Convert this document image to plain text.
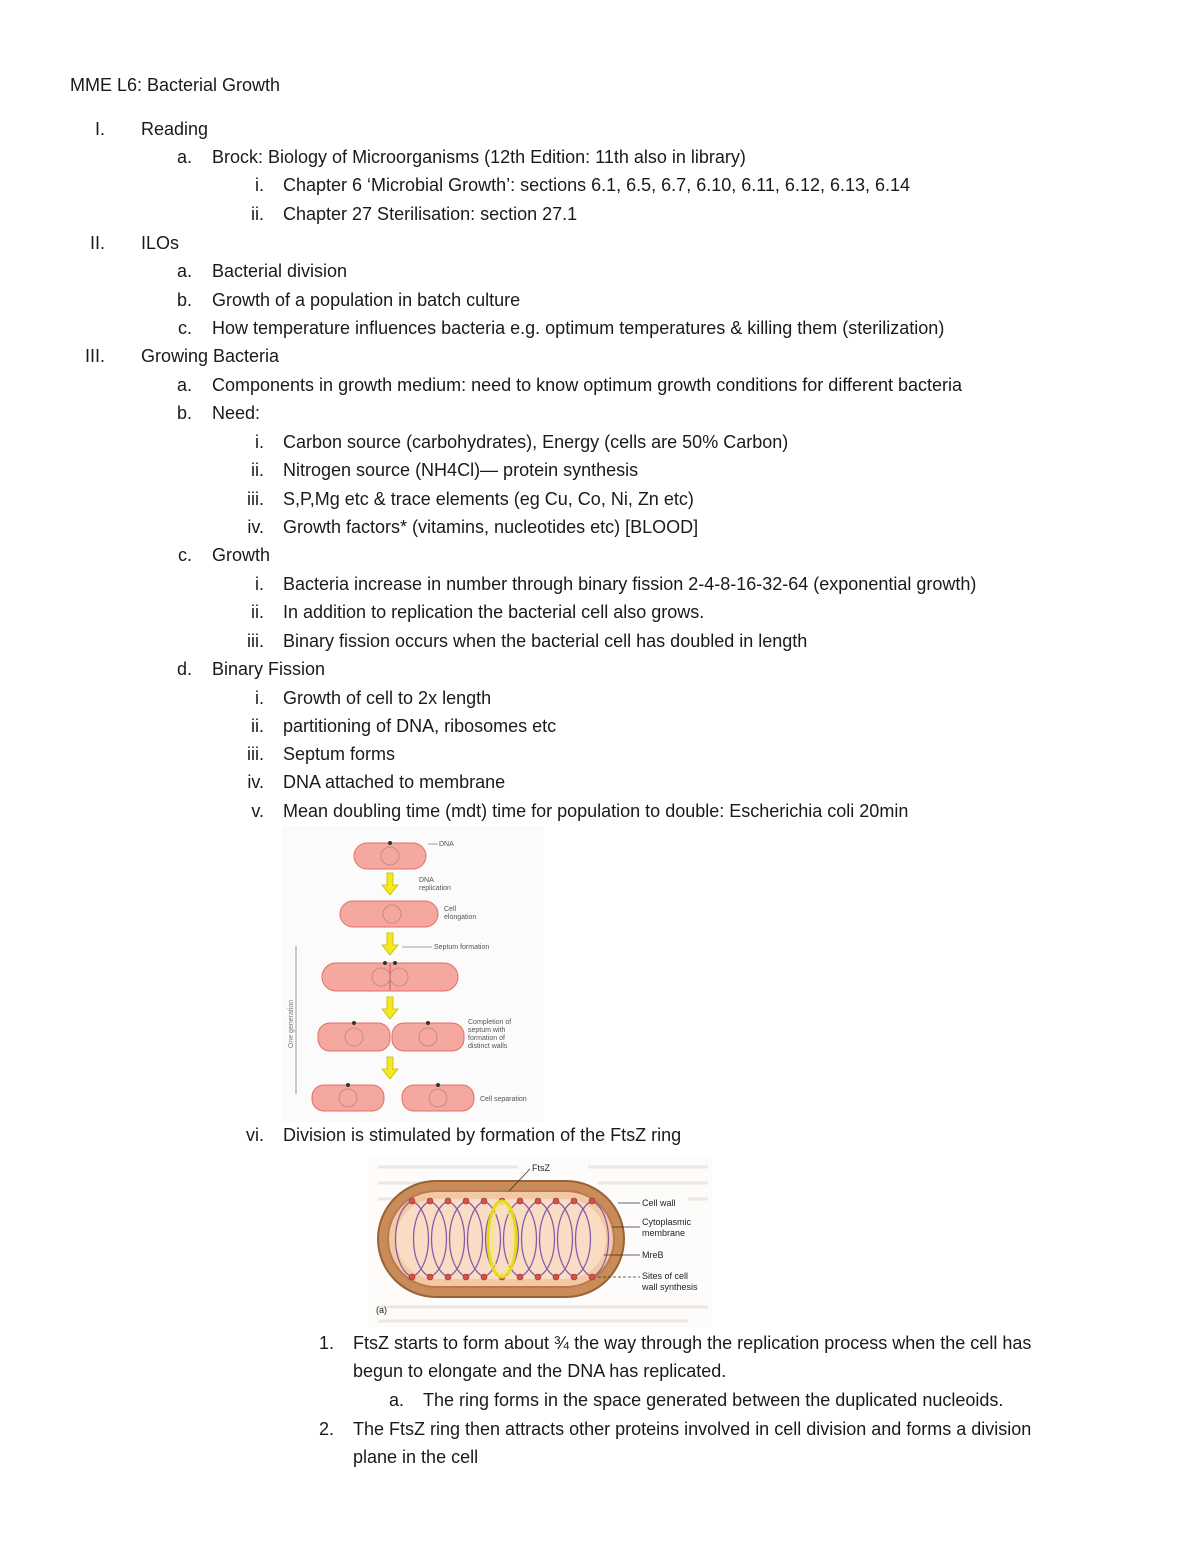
MME L6: Bacterial Growth
I. Reading
a. Brock: Biology of Microorganisms (12th Edition: 11th also in library)
i. Chapter 6 ‘Microbial Growth’: sections 6.1, 6.5, 6.7, 6.10, 6.11, 6.12, 6.13, 6.14
ii. Chapter 27 Sterilisation: section 27.1
II. ILOs
a. Bacterial division
b. Growth of a population in batch culture
c. How temperature influences bacteria e.g. optimum temperatures & killing them (sterilization)
III. Growing Bacteria
a. Components in growth medium: need to know optimum growth conditions for different bacteria
b. Need:
i. Carbon source (carbohydrates), Energy (cells are 50% Carbon)
ii. Nitrogen source (NH4Cl)— protein synthesis
iii. S,P,Mg etc & trace elements (eg Cu, Co, Ni, Zn etc)
iv. Growth factors* (vitamins, nucleotides etc) [BLOOD]
c. Growth
i. Bacteria increase in number through binary fission 2-4-8-16-32-64 (exponential growth)
ii. In addition to replication the bacterial cell also grows.
iii. Binary fission occurs when the bacterial cell has doubled in length
d. Binary Fission
i. Growth of cell to 2x length
ii. partitioning of DNA, ribosomes etc
iii. Septum forms
iv. DNA attached to membrane
v. Mean doubling time (mdt) time for population to double: Escherichia coli 20min
One generation
DNA
DNA
replication
Cell
elongation
Septum formation
Completion of
septum with
formation of
distinct walls
Cell separation
vi. Division is stimulated by formation of the FtsZ ring
FtsZ
Cell wall
Cytoplasmic
membrane
MreB
Sites of cell
wall synthesis
(a)
1. FtsZ starts to form about ¾ the way through the replication process when the cell has
begun to elongate and the DNA has replicated.
a. The ring forms in the space generated between the duplicated nucleoids.
2. The FtsZ ring then attracts other proteins involved in cell division and forms a division
plane in the cell
